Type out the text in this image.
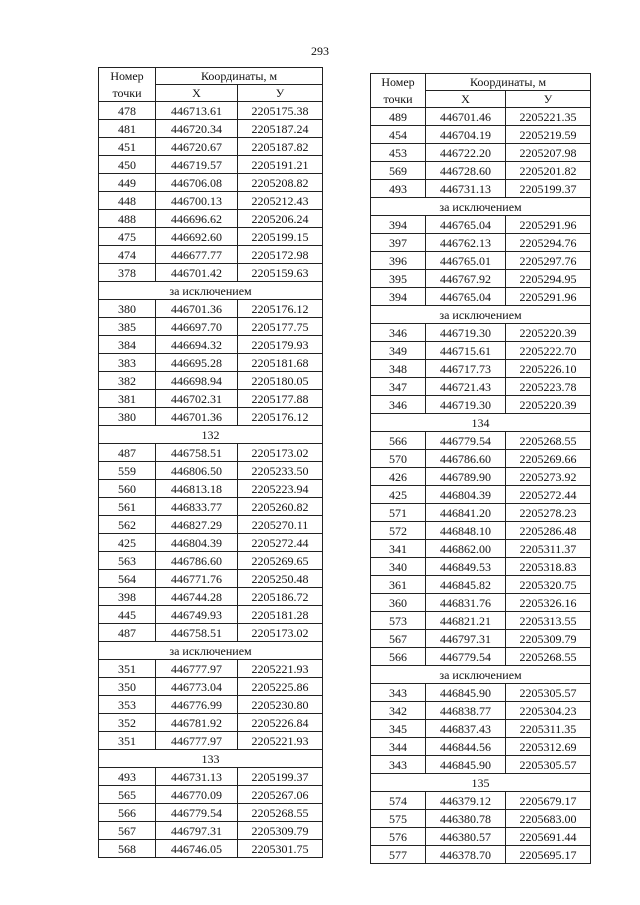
293
Номер
точки	Координаты, м	
	X	У
478	446713.61	2205175.38
481	446720.34	2205187.24
451	446720.67	2205187.82
450	446719.57	2205191.21
449	446706.08	2205208.82
448	446700.13	2205212.43
488	446696.62	2205206.24
475	446692.60	2205199.15
474	446677.77	2205172.98
378	446701.42	2205159.63
за исключением		
380	446701.36	2205176.12
385	446697.70	2205177.75
384	446694.32	2205179.93
383	446695.28	2205181.68
382	446698.94	2205180.05
381	446702.31	2205177.88
380	446701.36	2205176.12
132		
487	446758.51	2205173.02
559	446806.50	2205233.50
560	446813.18	2205223.94
561	446833.77	2205260.82
562	446827.29	2205270.11
425	446804.39	2205272.44
563	446786.60	2205269.65
564	446771.76	2205250.48
398	446744.28	2205186.72
445	446749.93	2205181.28
487	446758.51	2205173.02
за исключением		
351	446777.97	2205221.93
350	446773.04	2205225.86
353	446776.99	2205230.80
352	446781.92	2205226.84
351	446777.97	2205221.93
133		
493	446731.13	2205199.37
565	446770.09	2205267.06
566	446779.54	2205268.55
567	446797.31	2205309.79
568	446746.05	2205301.75
Номер
точки	Координаты, м	
	X	У
489	446701.46	2205221.35
454	446704.19	2205219.59
453	446722.20	2205207.98
569	446728.60	2205201.82
493	446731.13	2205199.37
за исключением		
394	446765.04	2205291.96
397	446762.13	2205294.76
396	446765.01	2205297.76
395	446767.92	2205294.95
394	446765.04	2205291.96
за исключением		
346	446719.30	2205220.39
349	446715.61	2205222.70
348	446717.73	2205226.10
347	446721.43	2205223.78
346	446719.30	2205220.39
134		
566	446779.54	2205268.55
570	446786.60	2205269.66
426	446789.90	2205273.92
425	446804.39	2205272.44
571	446841.20	2205278.23
572	446848.10	2205286.48
341	446862.00	2205311.37
340	446849.53	2205318.83
361	446845.82	2205320.75
360	446831.76	2205326.16
573	446821.21	2205313.55
567	446797.31	2205309.79
566	446779.54	2205268.55
за исключением		
343	446845.90	2205305.57
342	446838.77	2205304.23
345	446837.43	2205311.35
344	446844.56	2205312.69
343	446845.90	2205305.57
135		
574	446379.12	2205679.17
575	446380.78	2205683.00
576	446380.57	2205691.44
577	446378.70	2205695.17
